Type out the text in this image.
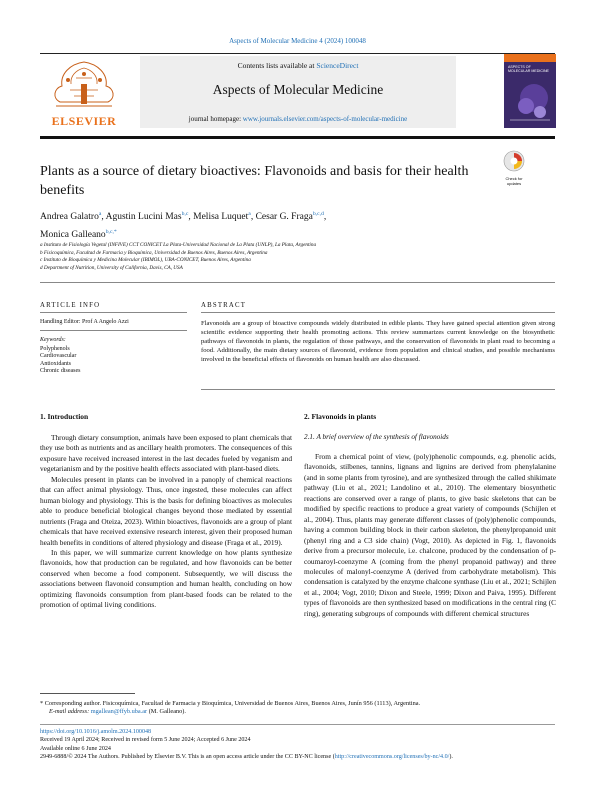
Aspects of Molecular Medicine 4 (2024) 100048
ELSEVIER
Contents lists available at ScienceDirect
Aspects of Molecular Medicine
journal homepage: www.journals.elsevier.com/aspects-of-molecular-medicine
ASPECTS OF MOLECULAR MEDICINE
Plants as a source of dietary bioactives: Flavonoids and basis for their health benefits
Check for updates
Andrea Galatro$^a$, Agustin Lucini Mas$^{b,c}$, Melisa Luquet$^a$, Cesar G. Fraga$^{b,c,d}$,
Monica Galleano$^{b,c,*}$
a Instituto de Fisiología Vegetal (INFIVE) CCT CONICET La Plata-Universidad Nacional de La Plata (UNLP), La Plata, Argentina
b Fisicoquímica, Facultad de Farmacia y Bioquímica, Universidad de Buenos Aires, Buenos Aires, Argentina
c Instituto de Bioquímica y Medicina Molecular (IBIMOL), UBA-CONICET, Buenos Aires, Argentina
d Department of Nutrition, University of California, Davis, CA, USA
ARTICLE INFO	ABSTRACT
Handling Editor: Prof A Angelo Azzi
Keywords:
Polyphenols
Cardiovascular
Antioxidants
Chronic diseases
Flavonoids are a group of bioactive compounds widely distributed in edible plants. They have gained special attention given strong scientific evidence supporting their health promoting actions. This review summarizes current knowledge on the biosynthetic pathways of flavonoids in plants, the regulation of those pathways, and the conservation of flavonoids in plant road to becoming a food. Additionally, the main dietary sources of flavonoid, evidence from population and clinical studies, and possible mechanisms involved in the beneficial effects of flavonoids on human health are also discussed.
1. Introduction	2. Flavonoids in plants
2.1. A brief overview of the synthesis of flavonoids

Through dietary consumption, animals have been exposed to plant chemicals that they use both as nutrients and as ancillary health promoters. The consequences of this exposure have received increased interest in the last decades fueled by veganism and vegetarianism and by the positive health effects associated with plant-based diets.

Molecules present in plants can be involved in a panoply of chemical reactions that can affect animal physiology. Thus, once ingested, these molecules can affect human biology and physiology. This is the basis for defining bioactives as molecules able to produce beneficial biological changes beyond those mediated by essential nutrients (Fraga and Oteiza, 2023). Within bioactives, flavonoids are a group of plant chemicals that have received extensive research interest, given their proposed human health benefits in conditions of altered physiology and disease (Fraga et al., 2019).

In this paper, we will summarize current knowledge on how plants synthesize flavonoids, how that production can be regulated, and how flavonoids can be better conserved when become a food component. Subsequently, we will discuss the associations between flavonoid consumption and human health, concluding on how optimizing flavonoids consumption from plant-based foods can be related to the promotion of optimal living conditions.

From a chemical point of view, (poly)phenolic compounds, e.g. phenolic acids, flavonoids, stilbenes, tannins, lignans and lignins are derived from phenylalanine (and in some plants from tyrosine), and are synthesized through the called shikimate pathway (Liu et al., 2021; Landolino et al., 2010). The elementary biosynthetic reactions are conserved over a range of plants, to give basic skeletons that can be modified by specific reactions to produce a great variety of compounds (Schijlen et al., 2004). Thus, plants may generate different classes of (poly)phenolic compounds, having a common building block in their carbon skeleton, the phenylpropanoid unit (phenyl ring and a C3 side chain) (Vogt, 2010). As depicted in Fig. 1, flavonoids derive from a precursor molecule, i.e. chalcone, produced by the condensation of p-coumaroyl-coenzyme A (coming from the phenyl propanoid pathway) and three molecules of malonyl-coenzyme A (derived from carbohydrate metabolism). This condensation is catalyzed by the enzyme chalcone synthase (Liu et al., 2021; Schijlen et al., 2004; Vogt, 2010; Dixon and Steele, 1999; Dixon and Paiva, 1995). Different types of flavonoids are then synthesized based on modifications in the central ring (C ring), generating subgroups of compounds with different chemical structures

* Corresponding author. Fisicoquímica, Facultad de Farmacia y Bioquímica, Universidad de Buenos Aires, Buenos Aires, Junín 956 (1113), Argentina.
E-mail address: mgallean@ffyb.uba.ar (M. Galleano).
https://doi.org/10.1016/j.amolm.2024.100048
Received 19 April 2024; Received in revised form 5 June 2024; Accepted 6 June 2024
Available online 6 June 2024
2949-6888/© 2024 The Authors. Published by Elsevier B.V. This is an open access article under the CC BY-NC license (http://creativecommons.org/licenses/by-nc/4.0/).
